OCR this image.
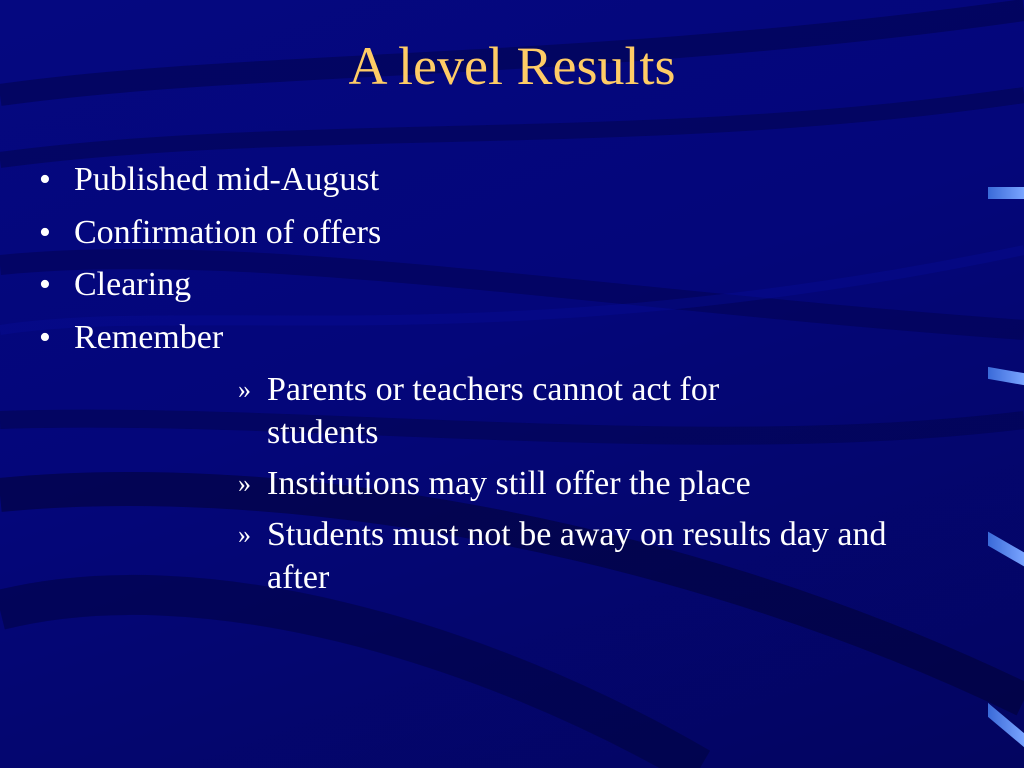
A level Results
• Published mid-August
• Confirmation of offers
• Clearing
• Remember
» Parents or teachers cannot act for students
» Institutions may still offer the place
» Students must not be away on results day and after
